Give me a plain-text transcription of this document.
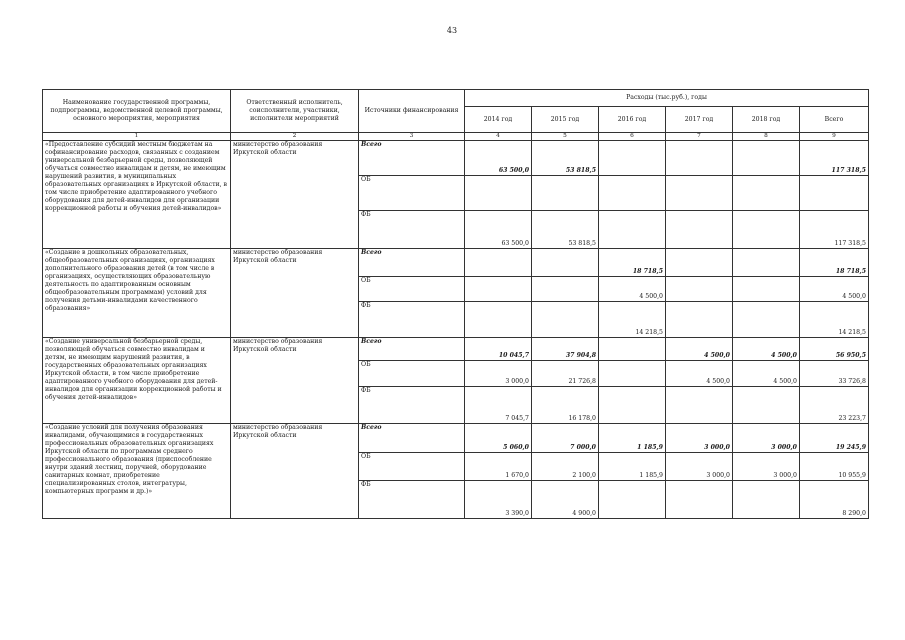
43
Наименование государственной программы, подпрограммы, ведомственной целевой программы, основного мероприятия, мероприятия	Ответственный исполнитель, соисполнители, участники, исполнители мероприятий	Источники финансирования	Расходы (тыс.руб.), годы					
			2014 год	2015 год	2016 год	2017 год	2018 год	Всего
1	2	3	4	5	6	7	8	9
«Предоставление субсидий местным бюджетам на софинансирование расходов, связанных с созданием универсальной безбарьерной среды, позволяющей обучаться совместно инвалидам и детям, не имеющим нарушений развития, в муниципальных образовательных организациях в Иркутской области, в том числе приобретение адаптированного учебного оборудования для детей-инвалидов для организации коррекционной работы и обучения детей-инвалидов»	министерство образования Иркутской области	Всего	63 500,0	53 818,5				117 318,5
		ОБ						
		ФБ	63 500,0	53 818,5				117 318,5
«Создание в дошкольных образовательных, общеобразовательных организациях, организациях дополнительного образования детей (в том числе в организациях, осуществляющих образовательную деятельность по адаптированным основным общеобразовательным программам) условий для получения детьми-инвалидами качественного образования»	министерство образования Иркутской области	Всего			18 718,5			18 718,5
		ОБ			4 500,0			4 500,0
		ФБ			14 218,5			14 218,5
«Создание универсальной безбарьерной среды, позволяющей обучаться совместно инвалидам и детям, не имеющим нарушений развития, в государственных образовательных организациях Иркутской области, в том числе приобретение адаптированного учебного оборудования для детей-инвалидов для организации коррекционной работы и обучения детей-инвалидов»	министерство образования Иркутской области	Всего	10 045,7	37 904,8		4 500,0	4 500,0	56 950,5
		ОБ	3 000,0	21 726,8		4 500,0	4 500,0	33 726,8
		ФБ	7 045,7	16 178,0				23 223,7
«Создание условий для получения образования инвалидами, обучающимися в государственных профессиональных образовательных организациях Иркутской области по программам среднего профессионального образования (приспособление внутри зданий лестниц, поручней, оборудование санитарных комнат, приобретение специализированных столов, интегратуры, компьютерных программ и др.)»	министерство образования Иркутской области	Всего	5 060,0	7 000,0	1 185,9	3 000,0	3 000,0	19 245,9
		ОБ	1 670,0	2 100,0	1 185,9	3 000,0	3 000,0	10 955,9
		ФБ	3 390,0	4 900,0				8 290,0
